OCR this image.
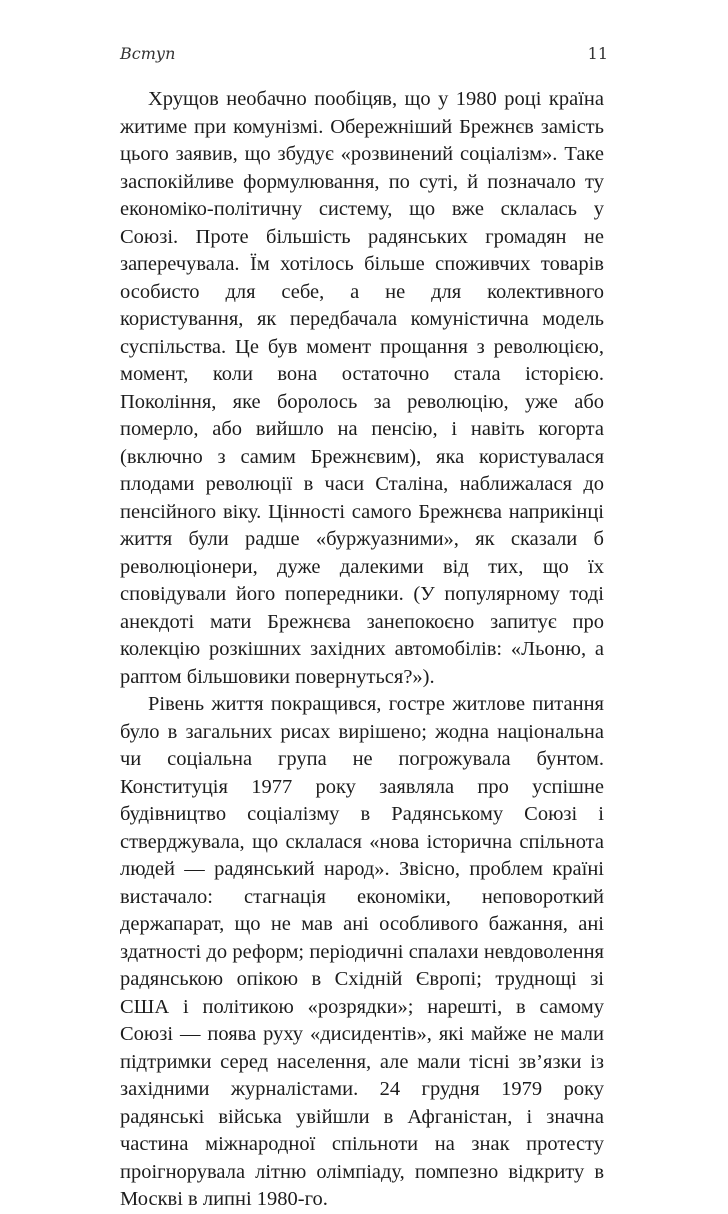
Вступ	11

Хрущов необачно пообіцяв, що у 1980 році країна житиме при комунізмі. Обережніший Брежнєв замість цього заявив, що збудує «розвинений соціалізм». Таке заспокійливе формулювання, по суті, й позначало ту економіко-політичну систему, що вже склалась у Союзі. Проте більшість радянських громадян не заперечувала. Їм хотілось більше споживчих товарів особисто для себе, а не для колективного користування, як передбачала комуністична модель суспільства. Це був момент прощання з революцією, момент, коли вона остаточно стала історією. Покоління, яке боролось за революцію, уже або померло, або вийшло на пенсію, і навіть когорта (включно з самим Брежнєвим), яка користувалася плодами революції в часи Сталіна, наближалася до пенсійного віку. Цінності самого Брежнєва наприкінці життя були радше «буржуазними», як сказали б революціонери, дуже далекими від тих, що їх сповідували його попередники. (У популярному тоді анекдоті мати Брежнєва занепокоєно запитує про колекцію розкішних західних автомобілів: «Льоню, а раптом більшовики повернуться?»).

Рівень життя покращився, гостре житлове питання було в загальних рисах вирішено; жодна національна чи соціальна група не погрожувала бунтом. Конституція 1977 року заявляла про успішне будівництво соціалізму в Радянському Союзі і стверджувала, що склалася «нова історична спільнота людей — радянський народ». Звісно, проблем країні вистачало: стагнація економіки, неповороткий держапарат, що не мав ані особливого бажання, ані здатності до реформ; періодичні спалахи невдоволення радянською опікою в Східній Європі; труднощі зі США і політикою «розрядки»; нарешті, в самому Союзі — поява руху «дисидентів», які майже не мали підтримки серед населення, але мали тісні зв’язки із західними журналістами. 24 грудня 1979 року радянські війська увійшли в Афганістан, і значна частина міжнародної спільноти на знак протесту проігнорувала літню олімпіаду, помпезно відкриту в Москві в липні 1980-го.
